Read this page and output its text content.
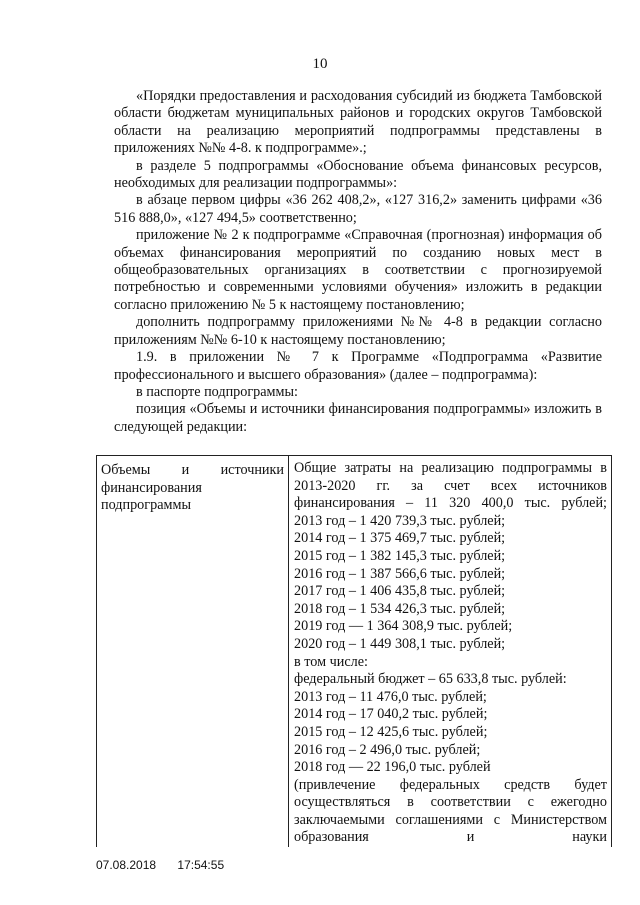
10

«Порядки предоставления и расходования субсидий из бюджета Тамбовской области бюджетам муниципальных районов и городских округов Тамбовской области на реализацию мероприятий подпрограммы представлены в приложениях №№ 4-8. к подпрограмме».;

в разделе 5 подпрограммы «Обоснование объема финансовых ресурсов, необходимых для реализации подпрограммы»:

в абзаце первом цифры «36 262 408,2», «127 316,2» заменить цифрами «36 516 888,0», «127 494,5» соответственно;

приложение № 2 к подпрограмме «Справочная (прогнозная) информация об объемах финансирования мероприятий по созданию новых мест в общеобразовательных организациях в соответствии с прогнозируемой потребностью и современными условиями обучения» изложить в редакции согласно приложению № 5 к настоящему постановлению;

дополнить подпрограмму приложениями №№ 4-8 в редакции согласно приложениям №№ 6-10 к настоящему постановлению;

1.9. в приложении № 7 к Программе «Подпрограмма «Развитие профессионального и высшего образования» (далее – подпрограмма):

в паспорте подпрограммы:

позиция «Объемы и источники финансирования подпрограммы» изложить в следующей редакции:

Объемы и источники финансирования подпрограммы
Общие затраты на реализацию подпрограммы в 2013-2020 гг. за счет всех источников финансирования – 11 320 400,0 тыс. рублей;
2013 год – 1 420 739,3 тыс. рублей;
2014 год – 1 375 469,7 тыс. рублей;
2015 год – 1 382 145,3 тыс. рублей;
2016 год – 1 387 566,6 тыс. рублей;
2017 год – 1 406 435,8 тыс. рублей;
2018 год – 1 534 426,3 тыс. рублей;
2019 год — 1 364 308,9 тыс. рублей;
2020 год – 1 449 308,1 тыс. рублей;
в том числе:
федеральный бюджет – 65 633,8 тыс. рублей:
2013 год – 11 476,0 тыс. рублей;
2014 год – 17 040,2 тыс. рублей;
2015 год – 12 425,6 тыс. рублей;
2016 год – 2 496,0 тыс. рублей;
2018 год — 22 196,0 тыс. рублей
(привлечение федеральных средств будет осуществляться в соответствии с ежегодно заключаемыми соглашениями с Министерством образования и науки
07.08.2018 17:54:55
